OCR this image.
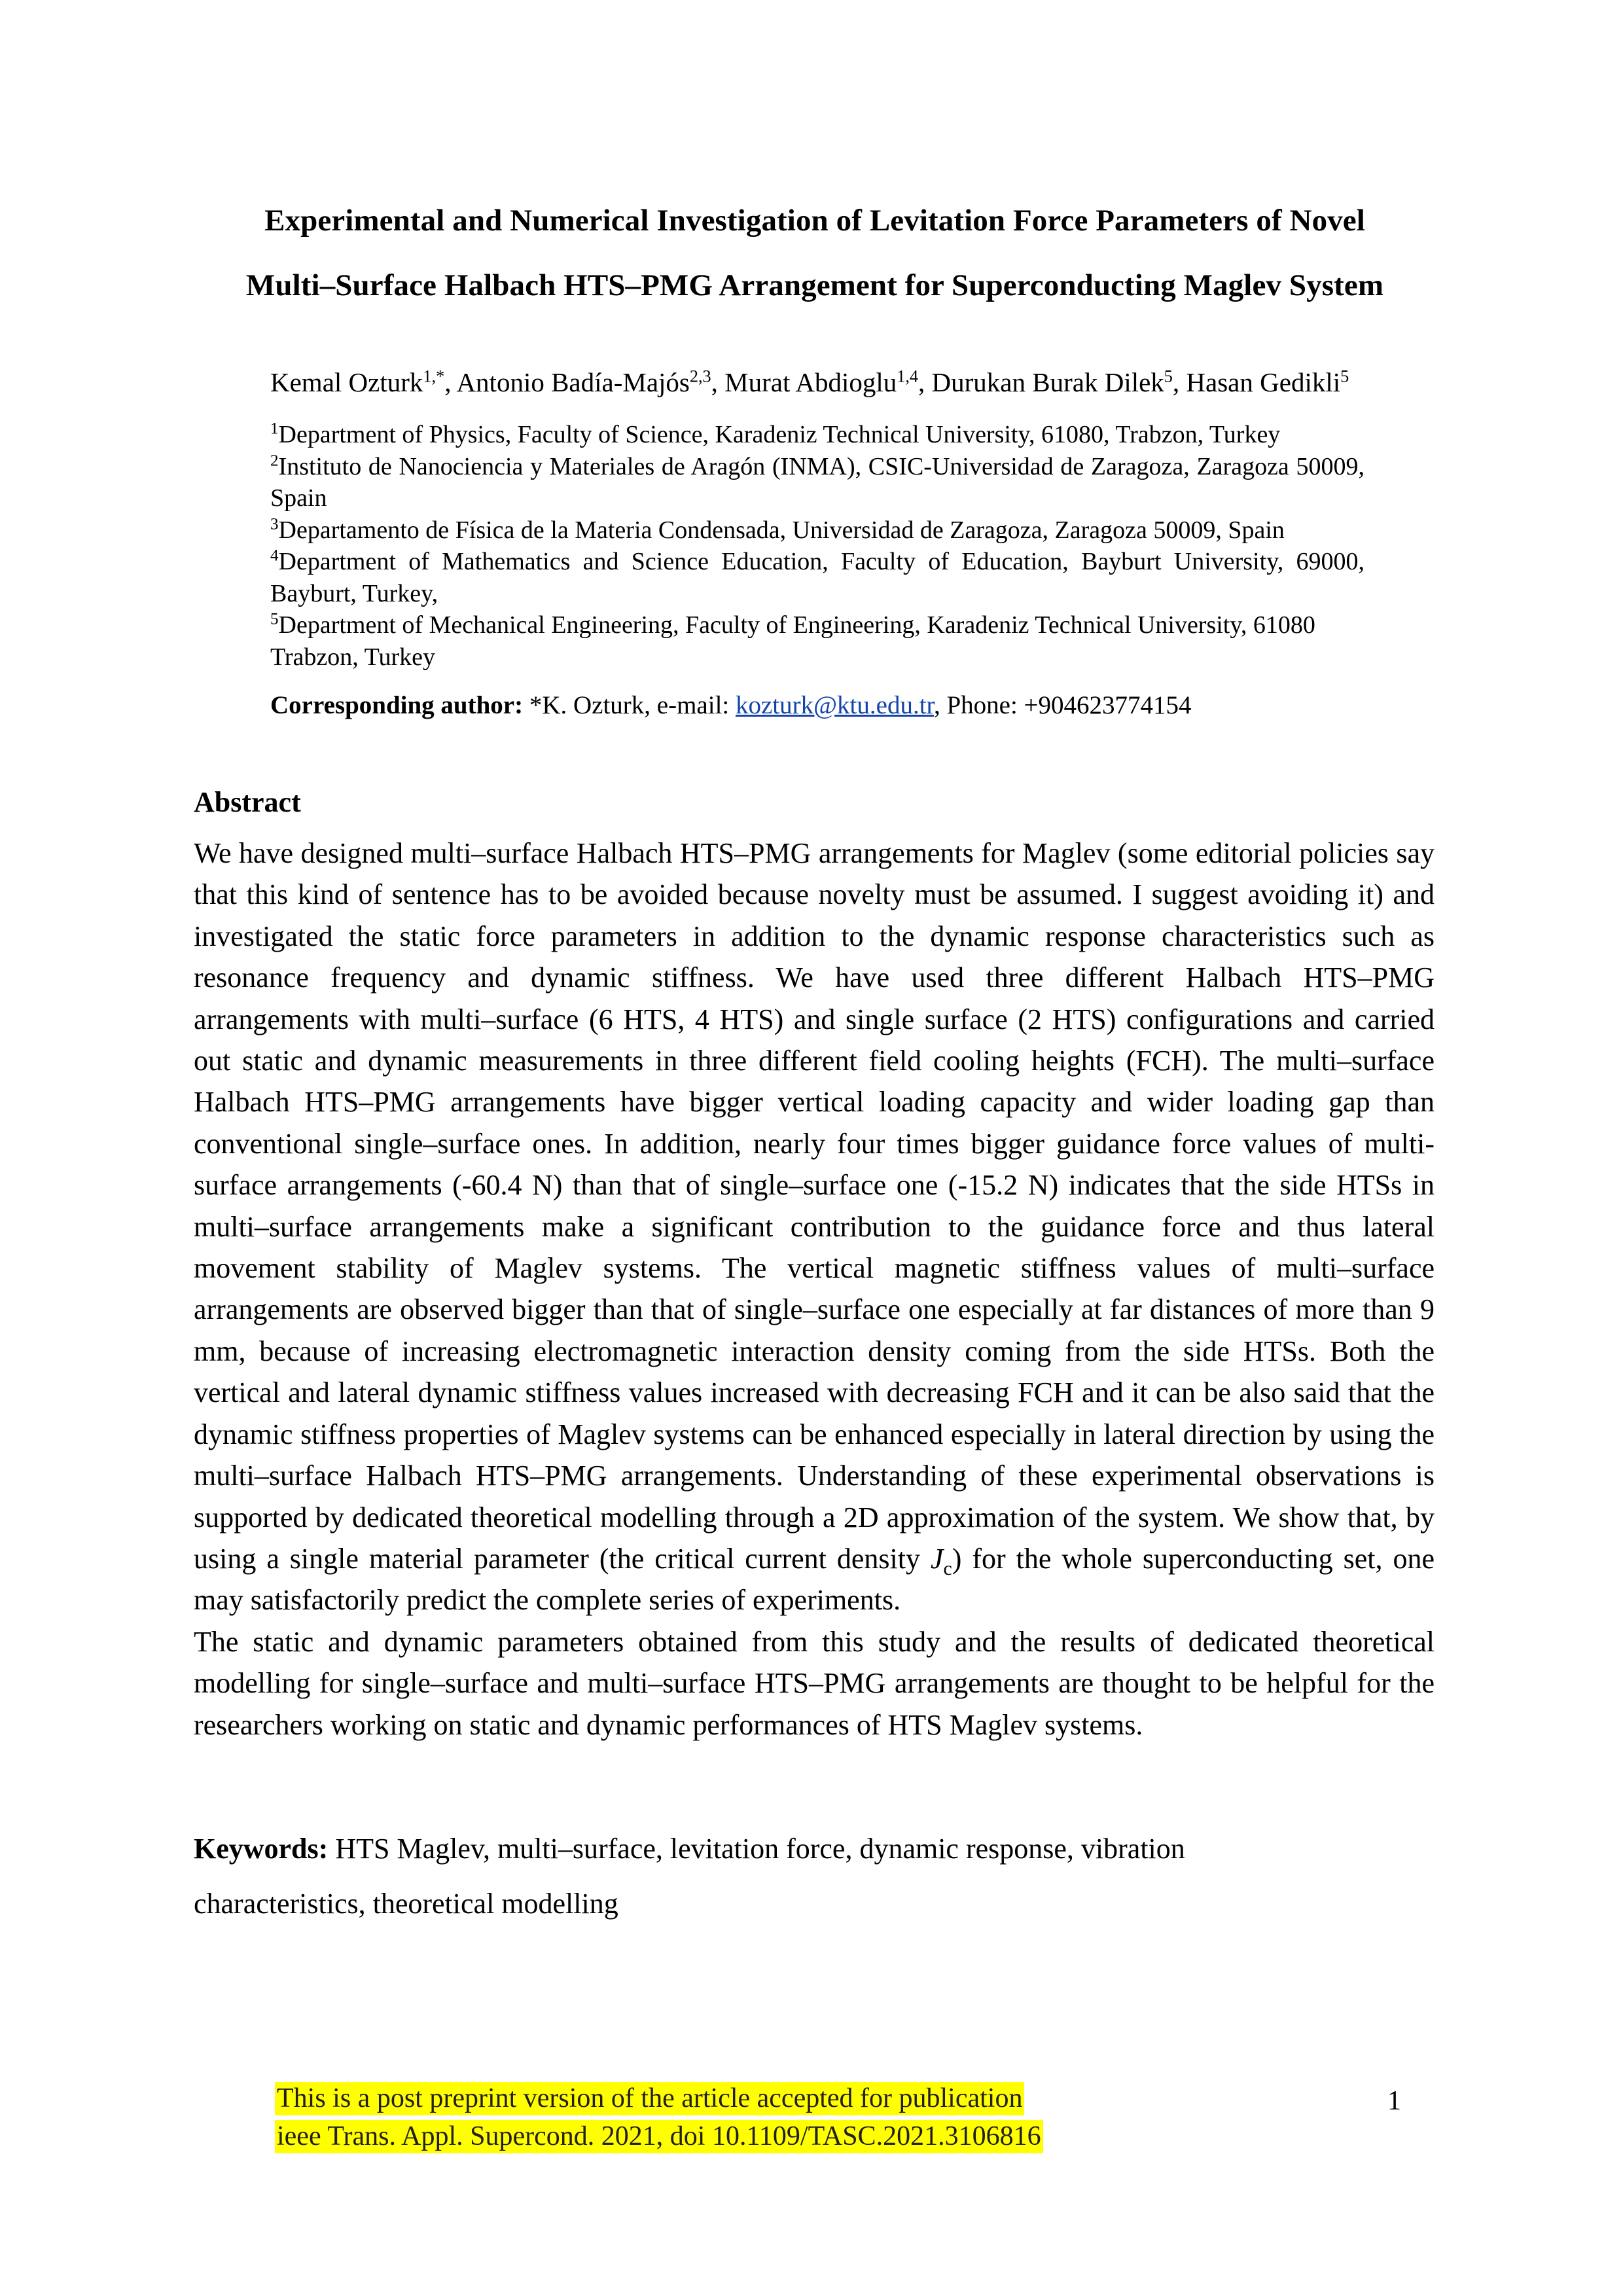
Experimental and Numerical Investigation of Levitation Force Parameters of Novel
Multi–Surface Halbach HTS–PMG Arrangement for Superconducting Maglev System
Kemal Ozturk$^{1,*}$, Antonio Badía-Majós$^{2,3}$, Murat Abdioglu$^{1,4}$, Durukan Burak Dilek$^5$, Hasan Gedikli$^5$

$^1$Department of Physics, Faculty of Science, Karadeniz Technical University, 61080, Trabzon, Turkey

$^2$Instituto de Nanociencia y Materiales de Aragón (INMA), CSIC-Universidad de Zaragoza, Zaragoza 50009, Spain

$^3$Departamento de Física de la Materia Condensada, Universidad de Zaragoza, Zaragoza 50009, Spain

$^4$Department of Mathematics and Science Education, Faculty of Education, Bayburt University, 69000, Bayburt, Turkey,

$^5$Department of Mechanical Engineering, Faculty of Engineering, Karadeniz Technical University, 61080 Trabzon, Turkey

Corresponding author: *K. Ozturk, e-mail: kozturk@ktu.edu.tr, Phone: +904623774154
Abstract

We have designed multi–surface Halbach HTS–PMG arrangements for Maglev (some editorial policies say that this kind of sentence has to be avoided because novelty must be assumed. I suggest avoiding it) and investigated the static force parameters in addition to the dynamic response characteristics such as resonance frequency and dynamic stiffness. We have used three different Halbach HTS–PMG arrangements with multi–surface (6 HTS, 4 HTS) and single surface (2 HTS) configurations and carried out static and dynamic measurements in three different field cooling heights (FCH). The multi–surface Halbach HTS–PMG arrangements have bigger vertical loading capacity and wider loading gap than conventional single–surface ones. In addition, nearly four times bigger guidance force values of multi-surface arrangements (-60.4 N) than that of single–surface one (-15.2 N) indicates that the side HTSs in multi–surface arrangements make a significant contribution to the guidance force and thus lateral movement stability of Maglev systems. The vertical magnetic stiffness values of multi–surface arrangements are observed bigger than that of single–surface one especially at far distances of more than 9 mm, because of increasing electromagnetic interaction density coming from the side HTSs. Both the vertical and lateral dynamic stiffness values increased with decreasing FCH and it can be also said that the dynamic stiffness properties of Maglev systems can be enhanced especially in lateral direction by using the multi–surface Halbach HTS–PMG arrangements. Understanding of these experimental observations is supported by dedicated theoretical modelling through a 2D approximation of the system. We show that, by using a single material parameter (the critical current density $J_c$) for the whole superconducting set, one may satisfactorily predict the complete series of experiments.

The static and dynamic parameters obtained from this study and the results of dedicated theoretical modelling for single–surface and multi–surface HTS–PMG arrangements are thought to be helpful for the researchers working on static and dynamic performances of HTS Maglev systems.

Keywords: HTS Maglev, multi–surface, levitation force, dynamic response, vibration

characteristics, theoretical modelling

This is a post preprint version of the article accepted for publication
ieee Trans. Appl. Supercond. 2021, doi 10.1109/TASC.2021.3106816
1
